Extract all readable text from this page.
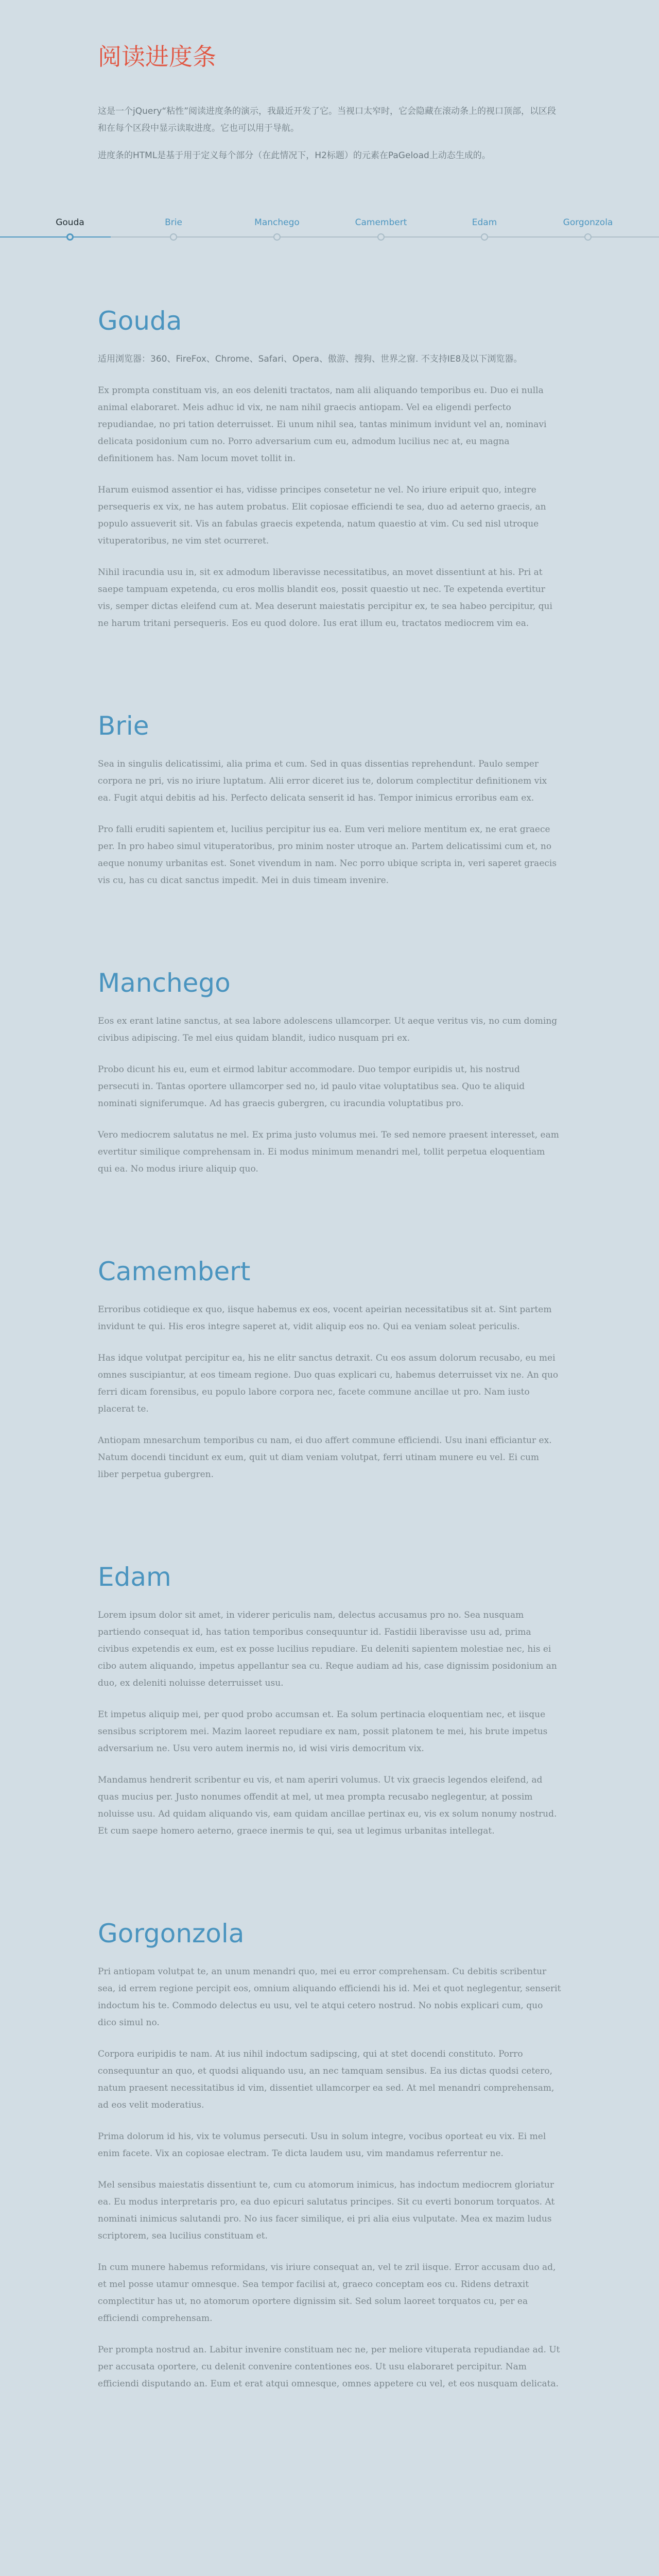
阅读进度条

这是一个jQuery“粘性”阅读进度条的演示，我最近开发了它。当视口太窄时，它会隐藏在滚动条上的视口顶部，以区段和在每个区段中显示读取进度。它也可以用于导航。

进度条的HTML是基于用于定义每个部分（在此情况下，H2标题）的元素在PaGeload上动态生成的。

Gouda	Brie	Manchego	Camembert	Edam	Gorgonzola
Gouda

适用浏览器：360、FireFox、Chrome、Safari、Opera、傲游、搜狗、世界之窗. 不支持IE8及以下浏览器。

Ex prompta constituam vis, an eos deleniti tractatos, nam alii aliquando temporibus eu. Duo ei nulla animal elaboraret. Meis adhuc id vix, ne nam nihil graecis antiopam. Vel ea eligendi perfecto repudiandae, no pri tation deterruisset. Ei unum nihil sea, tantas minimum invidunt vel an, nominavi delicata posidonium cum no. Porro adversarium cum eu, admodum lucilius nec at, eu magna definitionem has. Nam locum movet tollit in.

Harum euismod assentior ei has, vidisse principes consetetur ne vel. No iriure eripuit quo, integre persequeris ex vix, ne has autem probatus. Elit copiosae efficiendi te sea, duo ad aeterno graecis, an populo assueverit sit. Vis an fabulas graecis expetenda, natum quaestio at vim. Cu sed nisl utroque vituperatoribus, ne vim stet ocurreret.

Nihil iracundia usu in, sit ex admodum liberavisse necessitatibus, an movet dissentiunt at his. Pri at saepe tampuam expetenda, cu eros mollis blandit eos, possit quaestio ut nec. Te expetenda evertitur vis, semper dictas eleifend cum at. Mea deserunt maiestatis percipitur ex, te sea habeo percipitur, qui ne harum tritani persequeris. Eos eu quod dolore. Ius erat illum eu, tractatos mediocrem vim ea.

Brie

Sea in singulis delicatissimi, alia prima et cum. Sed in quas dissentias reprehendunt. Paulo semper corpora ne pri, vis no iriure luptatum. Alii error diceret ius te, dolorum complectitur definitionem vix ea. Fugit atqui debitis ad his. Perfecto delicata senserit id has. Tempor inimicus erroribus eam ex.

Pro falli eruditi sapientem et, lucilius percipitur ius ea. Eum veri meliore mentitum ex, ne erat graece per. In pro habeo simul vituperatoribus, pro minim noster utroque an. Partem delicatissimi cum et, no aeque nonumy urbanitas est. Sonet vivendum in nam. Nec porro ubique scripta in, veri saperet graecis vis cu, has cu dicat sanctus impedit. Mei in duis timeam invenire.

Manchego

Eos ex erant latine sanctus, at sea labore adolescens ullamcorper. Ut aeque veritus vis, no cum doming civibus adipiscing. Te mel eius quidam blandit, iudico nusquam pri ex.

Probo dicunt his eu, eum et eirmod labitur accommodare. Duo tempor euripidis ut, his nostrud persecuti in. Tantas oportere ullamcorper sed no, id paulo vitae voluptatibus sea. Quo te aliquid nominati signiferumque. Ad has graecis gubergren, cu iracundia voluptatibus pro.

Vero mediocrem salutatus ne mel. Ex prima justo volumus mei. Te sed nemore praesent interesset, eam evertitur similique comprehensam in. Ei modus minimum menandri mel, tollit perpetua eloquentiam qui ea. No modus iriure aliquip quo.

Camembert

Erroribus cotidieque ex quo, iisque habemus ex eos, vocent apeirian necessitatibus sit at. Sint partem invidunt te qui. His eros integre saperet at, vidit aliquip eos no. Qui ea veniam soleat periculis.

Has idque volutpat percipitur ea, his ne elitr sanctus detraxit. Cu eos assum dolorum recusabo, eu mei omnes suscipiantur, at eos timeam regione. Duo quas explicari cu, habemus deterruisset vix ne. An quo ferri dicam forensibus, eu populo labore corpora nec, facete commune ancillae ut pro. Nam iusto placerat te.

Antiopam mnesarchum temporibus cu nam, ei duo affert commune efficiendi. Usu inani efficiantur ex. Natum docendi tincidunt ex eum, quit ut diam veniam volutpat, ferri utinam munere eu vel. Ei cum liber perpetua gubergren.

Edam

Lorem ipsum dolor sit amet, in viderer periculis nam, delectus accusamus pro no. Sea nusquam partiendo consequat id, has tation temporibus consequuntur id. Fastidii liberavisse usu ad, prima civibus expetendis ex eum, est ex posse lucilius repudiare. Eu deleniti sapientem molestiae nec, his ei cibo autem aliquando, impetus appellantur sea cu. Reque audiam ad his, case dignissim posidonium an duo, ex deleniti noluisse deterruisset usu.

Et impetus aliquip mei, per quod probo accumsan et. Ea solum pertinacia eloquentiam nec, et iisque sensibus scriptorem mei. Mazim laoreet repudiare ex nam, possit platonem te mei, his brute impetus adversarium ne. Usu vero autem inermis no, id wisi viris democritum vix.

Mandamus hendrerit scribentur eu vis, et nam aperiri volumus. Ut vix graecis legendos eleifend, ad quas mucius per. Justo nonumes offendit at mel, ut mea prompta recusabo neglegentur, at possim noluisse usu. Ad quidam aliquando vis, eam quidam ancillae pertinax eu, vis ex solum nonumy nostrud. Et cum saepe homero aeterno, graece inermis te qui, sea ut legimus urbanitas intellegat.

Gorgonzola

Pri antiopam volutpat te, an unum menandri quo, mei eu error comprehensam. Cu debitis scribentur sea, id errem regione percipit eos, omnium aliquando efficiendi his id. Mei et quot neglegentur, senserit indoctum his te. Commodo delectus eu usu, vel te atqui cetero nostrud. No nobis explicari cum, quo dico simul no.

Corpora euripidis te nam. At ius nihil indoctum sadipscing, qui at stet docendi constituto. Porro consequuntur an quo, et quodsi aliquando usu, an nec tamquam sensibus. Ea ius dictas quodsi cetero, natum praesent necessitatibus id vim, dissentiet ullamcorper ea sed. At mel menandri comprehensam, ad eos velit moderatius.

Prima dolorum id his, vix te volumus persecuti. Usu in solum integre, vocibus oporteat eu vix. Ei mel enim facete. Vix an copiosae electram. Te dicta laudem usu, vim mandamus referrentur ne.

Mel sensibus maiestatis dissentiunt te, cum cu atomorum inimicus, has indoctum mediocrem gloriatur ea. Eu modus interpretaris pro, ea duo epicuri salutatus principes. Sit cu everti bonorum torquatos. At nominati inimicus salutandi pro. No ius facer similique, ei pri alia eius vulputate. Mea ex mazim ludus scriptorem, sea lucilius constituam et.

In cum munere habemus reformidans, vis iriure consequat an, vel te zril iisque. Error accusam duo ad, et mel posse utamur omnesque. Sea tempor facilisi at, graeco conceptam eos cu. Ridens detraxit complectitur has ut, no atomorum oportere dignissim sit. Sed solum laoreet torquatos cu, per ea efficiendi comprehensam.

Per prompta nostrud an. Labitur invenire constituam nec ne, per meliore vituperata repudiandae ad. Ut per accusata oportere, cu delenit convenire contentiones eos. Ut usu elaboraret percipitur. Nam efficiendi disputando an. Eum et erat atqui omnesque, omnes appetere cu vel, et eos nusquam delicata.
